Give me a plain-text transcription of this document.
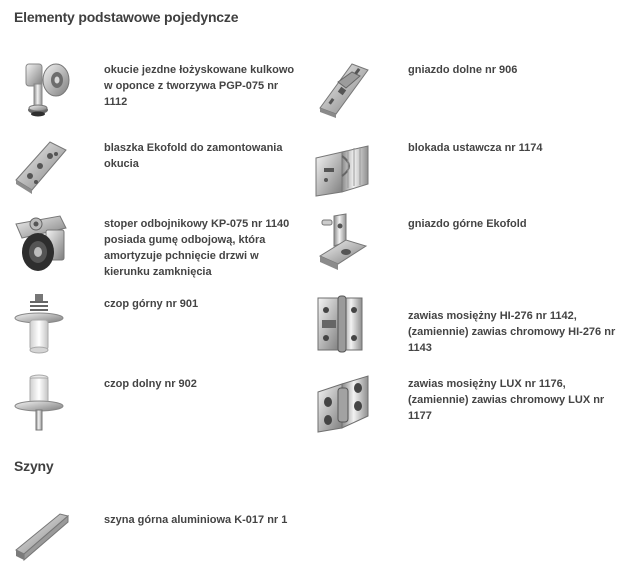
Elementy podstawowe pojedyncze
okucie jezdne łożyskowane kulkowo w oponce z tworzywa PGP-075 nr 1112
gniazdo dolne nr 906
blaszka Ekofold do zamontowania okucia
blokada ustawcza nr 1174
stoper odbojnikowy KP-075 nr 1140 posiada gumę odbojową, która amortyzuje pchnięcie drzwi w kierunku zamknięcia
gniazdo górne Ekofold
czop górny nr 901
zawias mosiężny HI-276 nr 1142, (zamiennie) zawias chromowy HI-276 nr 1143
czop dolny nr 902	zawias mosiężny LUX nr 1176, (zamiennie) zawias chromowy LUX nr 1177
Szyny
szyna górna aluminiowa K-017 nr 1
